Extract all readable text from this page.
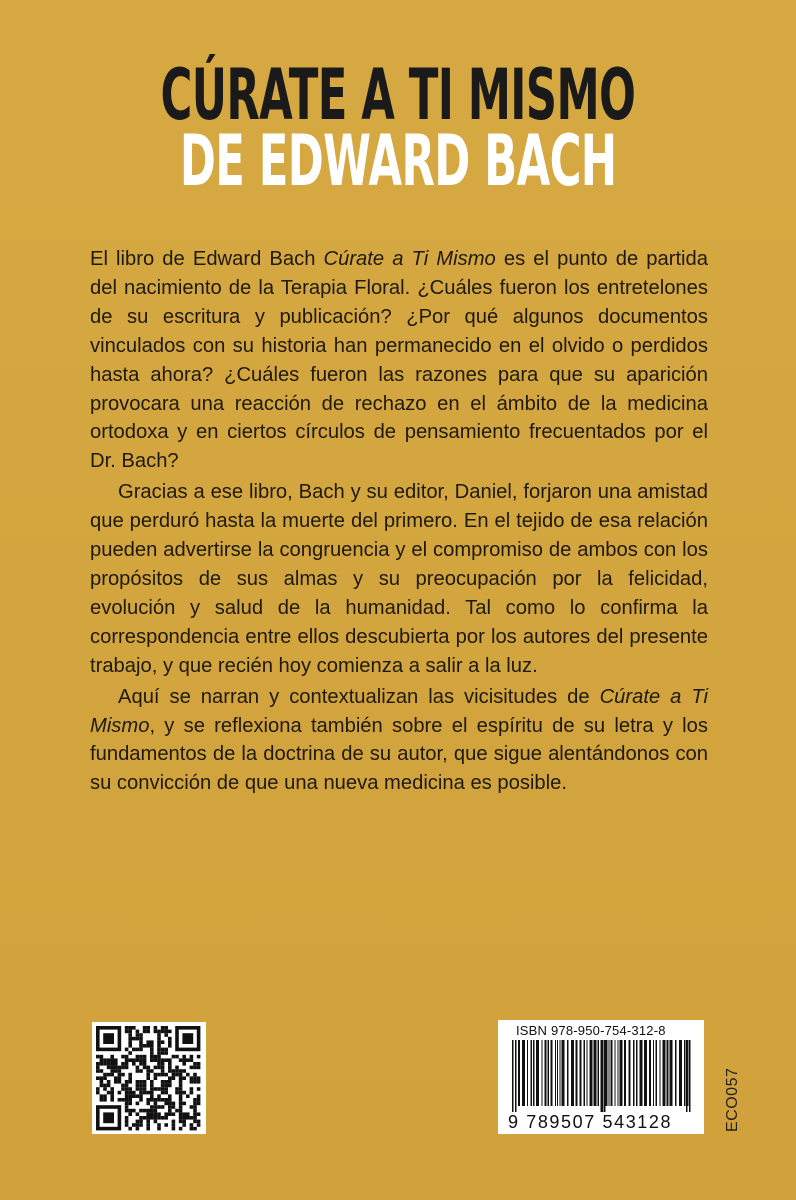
CÚRATE A TI MISMO
DE EDWARD BACH

El libro de Edward Bach Cúrate a Ti Mismo es el punto de partida del nacimiento de la Terapia Floral. ¿Cuáles fueron los entretelones de su escritura y publicación? ¿Por qué algunos documentos vinculados con su historia han permanecido en el olvido o perdidos hasta ahora? ¿Cuáles fueron las razones para que su aparición provocara una reacción de rechazo en el ámbito de la medicina ortodoxa y en ciertos círculos de pensamiento frecuentados por el Dr. Bach?

Gracias a ese libro, Bach y su editor, Daniel, forjaron una amistad que perduró hasta la muerte del primero. En el tejido de esa relación pueden advertirse la congruencia y el compromiso de ambos con los propósitos de sus almas y su preocupación por la felicidad, evolución y salud de la humanidad. Tal como lo confirma la correspondencia entre ellos descubierta por los autores del presente trabajo, y que recién hoy comienza a salir a la luz.

Aquí se narran y contextualizan las vicisitudes de Cúrate a Ti Mismo, y se reflexiona también sobre el espíritu de su letra y los fundamentos de la doctrina de su autor, que sigue alentándonos con su convicción de que una nueva medicina es posible.

ISBN 978-950-754-312-8
9 789507 543128	ECO057
